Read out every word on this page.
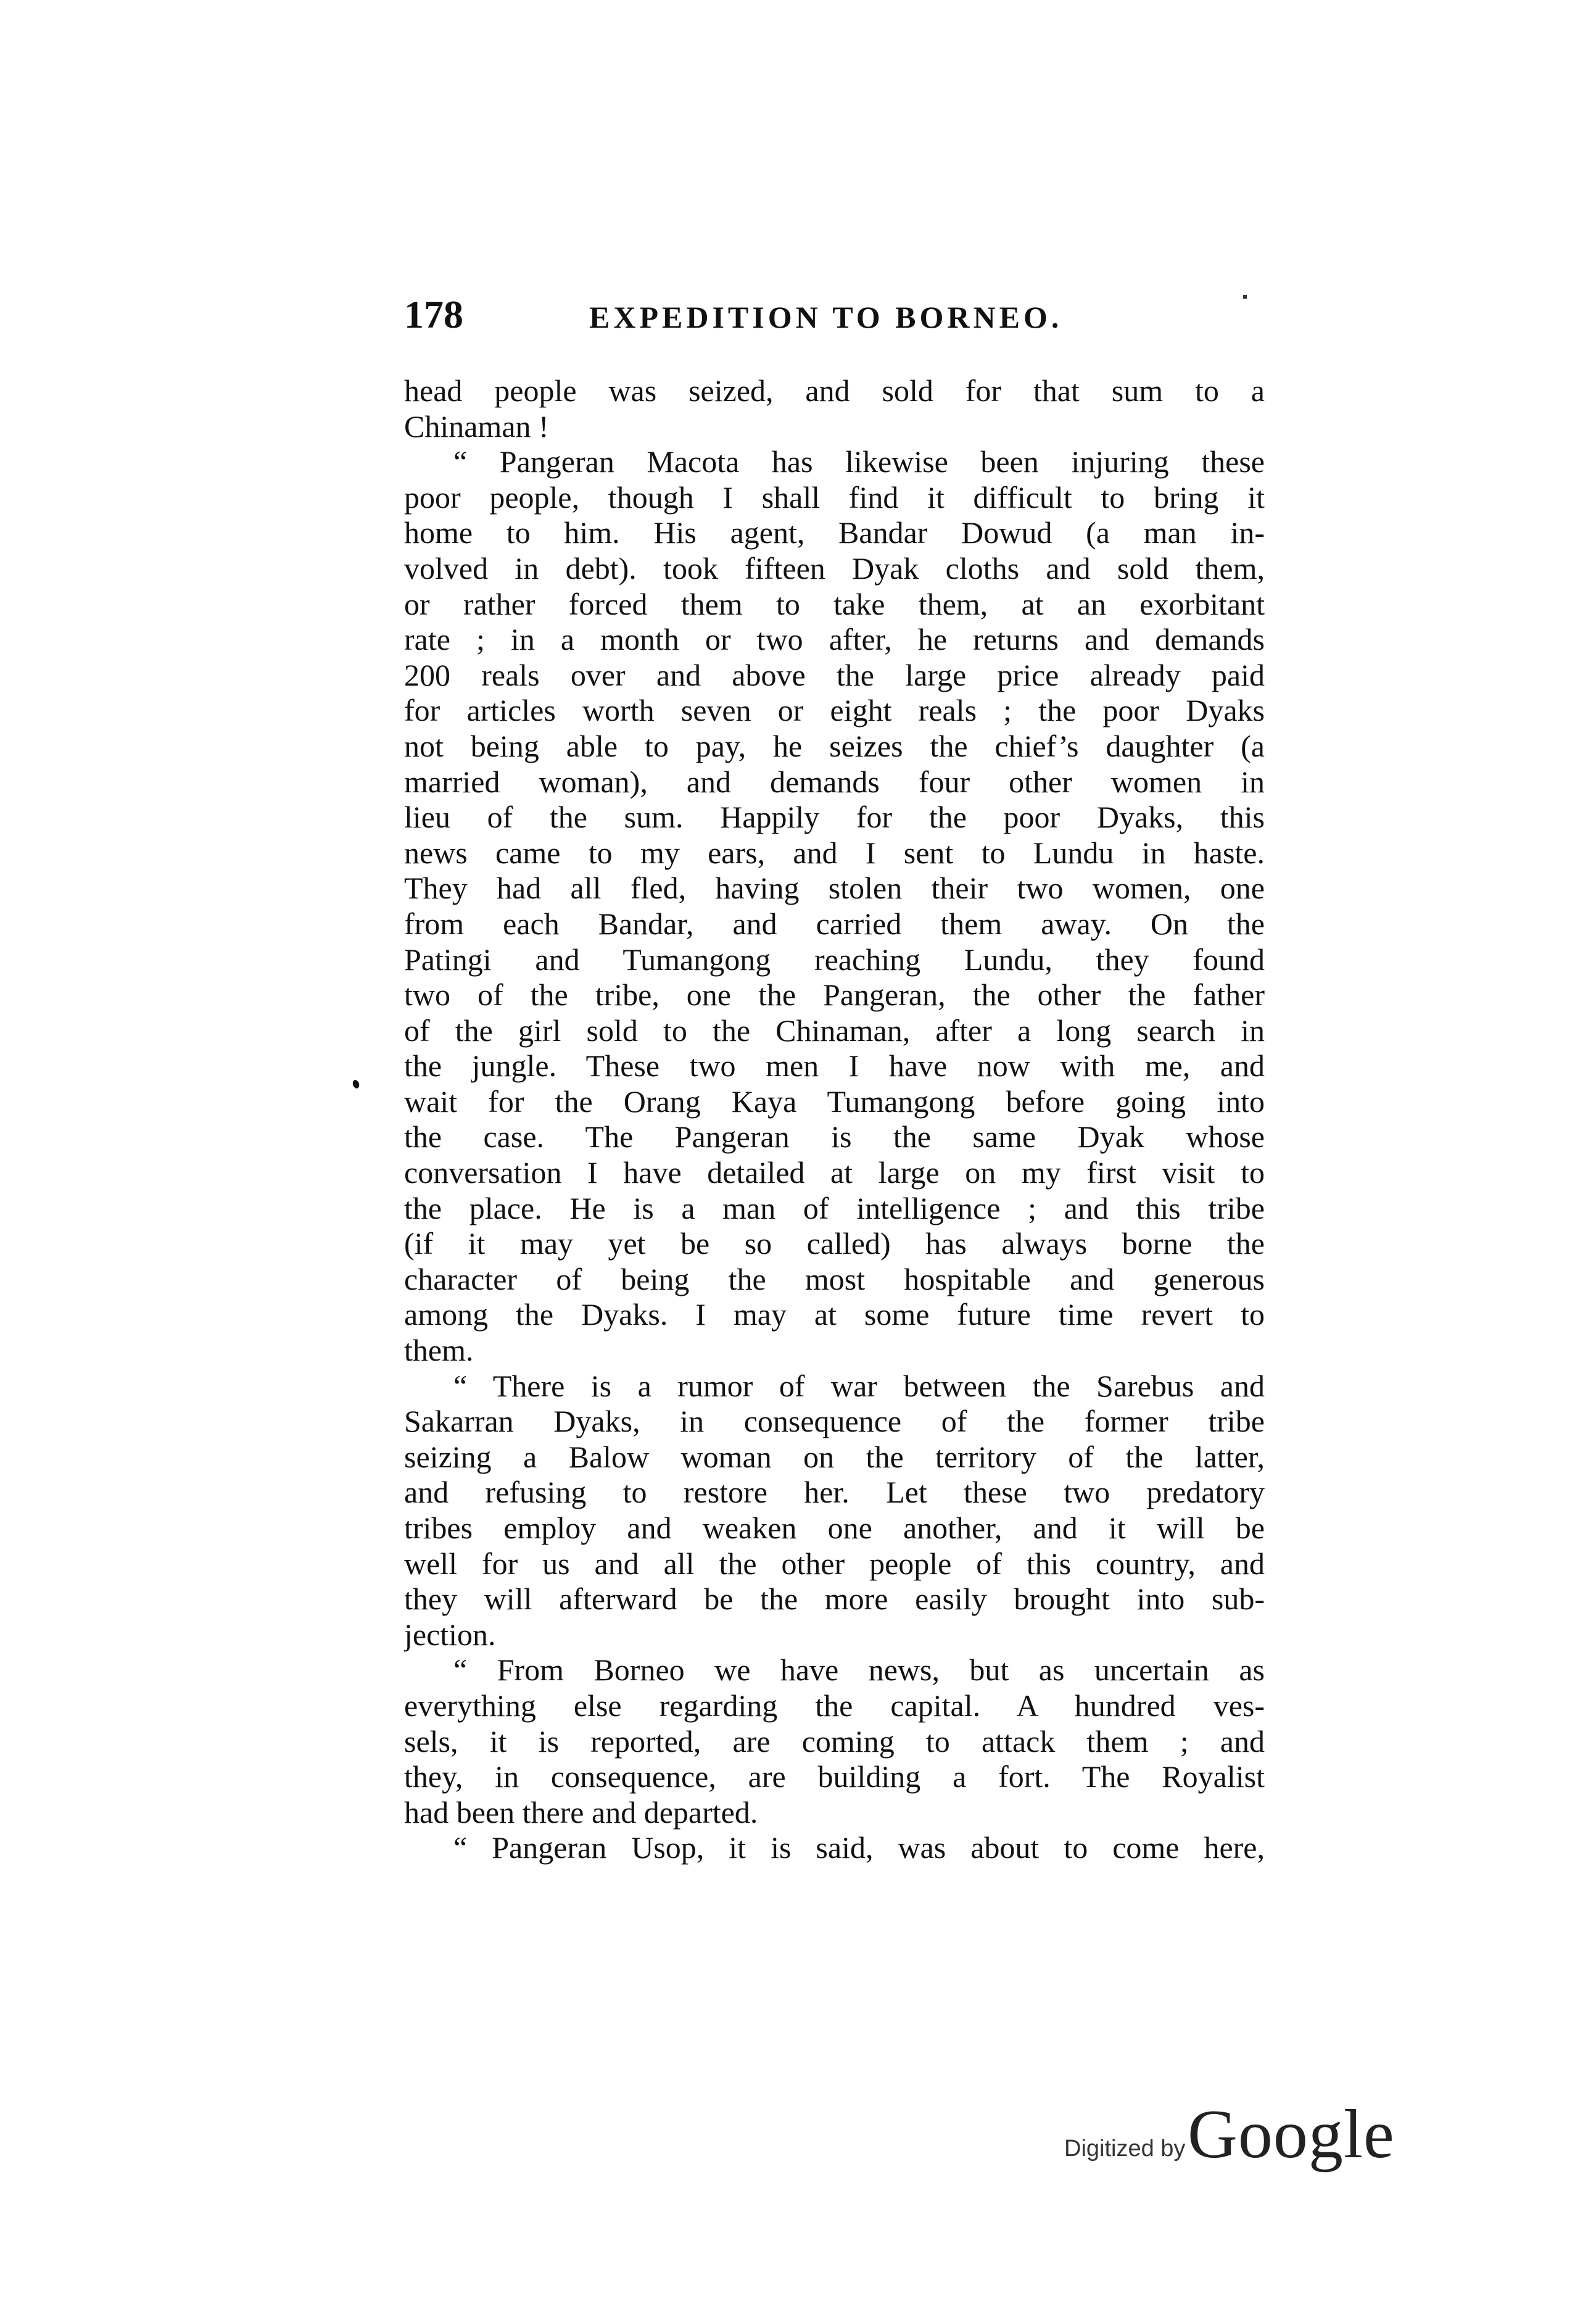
178	EXPEDITION TO BORNEO.
head people was seized, and sold for that sum to a
Chinaman !
“ Pangeran Macota has likewise been injuring these
poor people, though I shall find it difficult to bring it
home to him. His agent, Bandar Dowud (a man in-
volved in debt). took fifteen Dyak cloths and sold them,
or rather forced them to take them, at an exorbitant
rate ; in a month or two after, he returns and demands
200 reals over and above the large price already paid
for articles worth seven or eight reals ; the poor Dyaks
not being able to pay, he seizes the chief’s daughter (a
married woman), and demands four other women in
lieu of the sum. Happily for the poor Dyaks, this
news came to my ears, and I sent to Lundu in haste.
They had all fled, having stolen their two women, one
from each Bandar, and carried them away. On the
Patingi and Tumangong reaching Lundu, they found
two of the tribe, one the Pangeran, the other the father
of the girl sold to the Chinaman, after a long search in
the jungle. These two men I have now with me, and
wait for the Orang Kaya Tumangong before going into
the case. The Pangeran is the same Dyak whose
conversation I have detailed at large on my first visit to
the place. He is a man of intelligence ; and this tribe
(if it may yet be so called) has always borne the
character of being the most hospitable and generous
among the Dyaks. I may at some future time revert to
them.
“ There is a rumor of war between the Sarebus and
Sakarran Dyaks, in consequence of the former tribe
seizing a Balow woman on the territory of the latter,
and refusing to restore her. Let these two predatory
tribes employ and weaken one another, and it will be
well for us and all the other people of this country, and
they will afterward be the more easily brought into sub-
jection.
“ From Borneo we have news, but as uncertain as
everything else regarding the capital. A hundred ves-
sels, it is reported, are coming to attack them ; and
they, in consequence, are building a fort. The Royalist
had been there and departed.
“ Pangeran Usop, it is said, was about to come here,
Digitized by Google
